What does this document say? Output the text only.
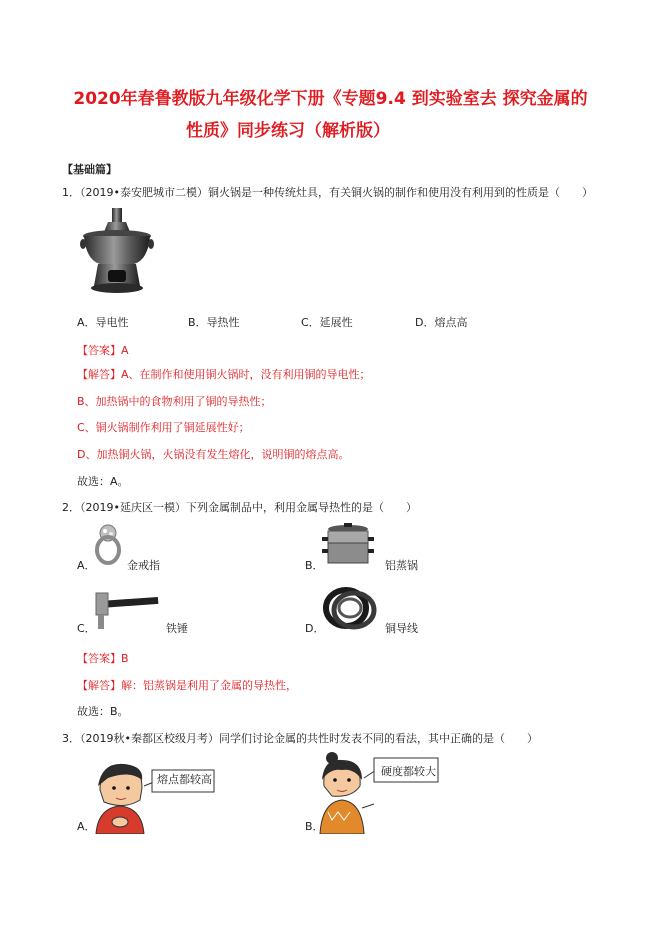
2020年春鲁教版九年级化学下册《专题9.4 到实验室去 探究金属的
性质》同步练习（解析版）
【基础篇】
1．（2019•泰安肥城市二模）铜火锅是一种传统灶具，有关铜火锅的制作和使用没有利用到的性质是（　　）
A．导电性	B．导热性	C．延展性	D．熔点高
【答案】A
【解答】A、在制作和使用铜火锅时，没有利用铜的导电性；
B、加热锅中的食物利用了铜的导热性；
C、铜火锅制作利用了铜延展性好；
D、加热铜火锅，火锅没有发生熔化，说明铜的熔点高。
故选：A。
2．（2019•延庆区一模）下列金属制品中，利用金属导热性的是（　　）
A．	金戒指	B．	铝蒸锅
C．	铁锤	D．	铜导线
【答案】B
【解答】解：铝蒸锅是利用了金属的导热性，
故选：B。
3．（2019秋•秦都区校级月考）同学们讨论金属的共性时发表不同的看法，其中正确的是（　　）
熔点都较高
A．
硬度都较大
B．
